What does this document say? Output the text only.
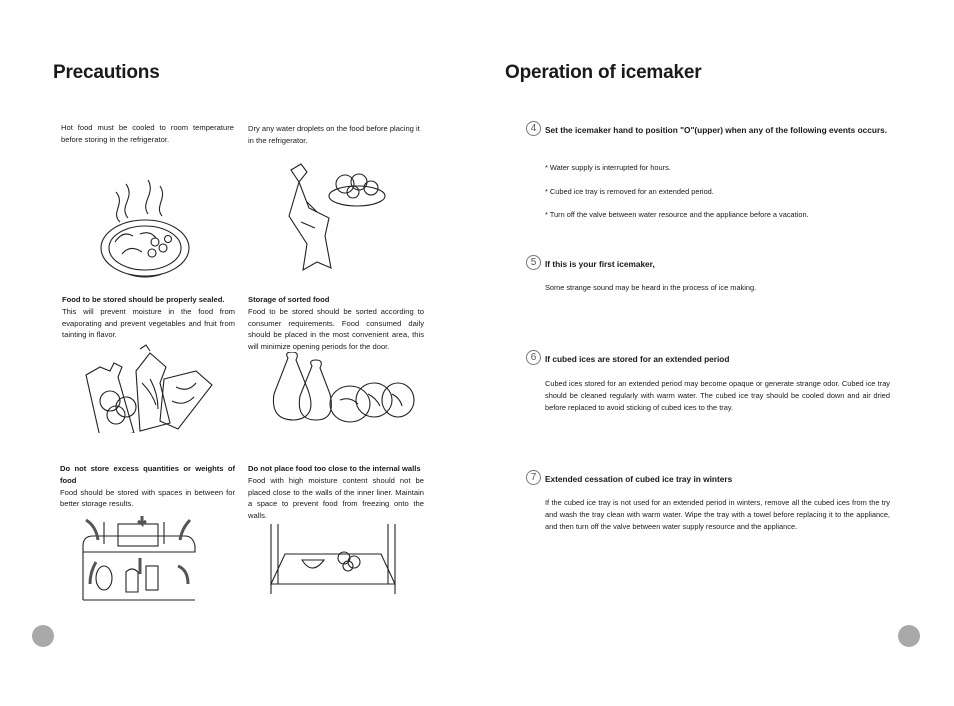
Precautions	Operation of icemaker
Hot food must be cooled to room temperature before storing in the refrigerator.
Dry any water droplets on the food before placing it in the refrigerator.
Food to be stored should be properly sealed.
This will prevent moisture in the food from evaporating and prevent vegetables and fruit from tainting in flavor.
Storage of sorted food
Food to be stored should be sorted according to consumer requirements. Food consumed daily should be placed in the most convenient area, this will minimize opening periods for the door.
Do not store excess quantities or weights of food
Food should be stored with spaces in between for better storage results.
Do not place food too close to the internal walls
Food with high moisture content should not be placed close to the walls of the inner liner. Maintain a space to prevent food from freezing onto the walls.
4	Set the icemaker hand to position "O"(upper) when any of the following events occurs.
* Water supply is interrupted for hours.
* Cubed ice tray is removed for an extended period.
* Turn off the valve between water resource and the appliance before a vacation.
5	If this is your first icemaker,
Some strange sound may be heard in the process of ice making.
6	If cubed ices are stored for an extended period
Cubed ices stored for an extended period may become opaque or generate strange odor. Cubed ice tray should be cleaned regularly with warm water. The cubed ice tray should be cooled down and air dried before replaced to avoid sticking of cubed ices to the tray.
7	Extended cessation of cubed ice tray in winters
If the cubed ice tray is not used for an extended period in winters, remove all the cubed ices from the try and wash the tray clean with warm water. Wipe the tray with a towel before replacing it to the appliance, and then turn off the valve between water supply resource and the appliance.
